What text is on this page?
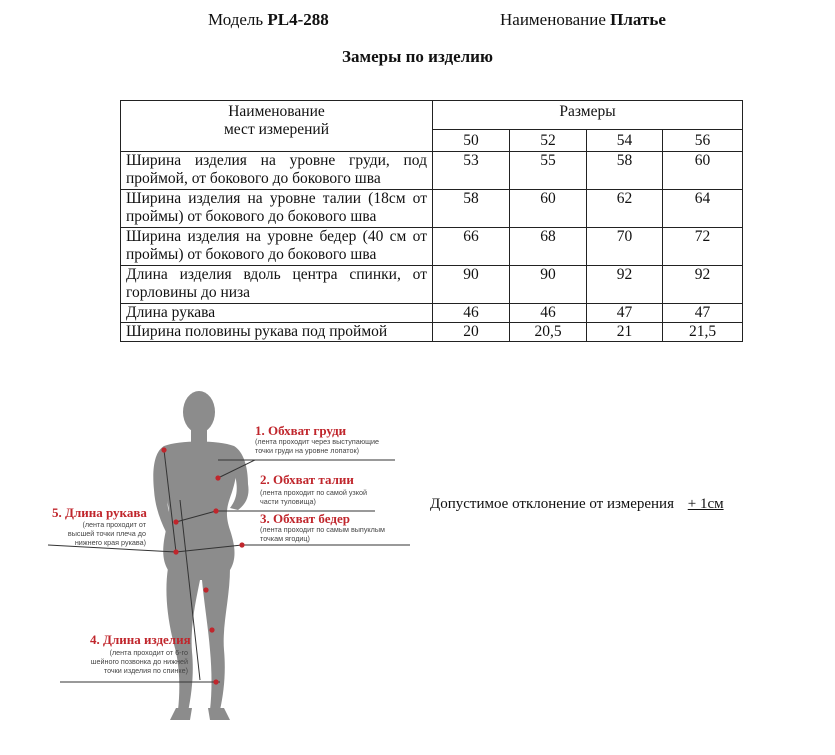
Модель PL4-288	Наименование Платье
Замеры по изделию
Наименование
мест измерений	Размеры			
	50	52	54	56
Ширина изделия на уровне груди, под проймой, от бокового до бокового шва	53	55	58	60
Ширина изделия на уровне талии (18см от проймы) от бокового до бокового шва	58	60	62	64
Ширина изделия на уровне бедер (40 см от проймы) от бокового до бокового шва	66	68	70	72
Длина изделия вдоль центра спинки, от горловины до низа	90	90	92	92
Длина рукава	46	46	47	47
Ширина половины рукава под проймой	20	20,5	21	21,5
1. Обхват груди
(лента проходит через выступающие
точки груди на уровне лопаток)
2. Обхват талии
(лента проходит по самой узкой
части туловища)
3. Обхват бедер
(лента проходит по самым выпуклым
точкам ягодиц)
4. Длина изделия
(лента проходит от 6-го
шейного позвонка до нижней
точки изделия по спинке)
5. Длина рукава
(лента проходит от
высшей точки плеча до
нижнего края рукава)
Допустимое отклонение от измерения + 1см
